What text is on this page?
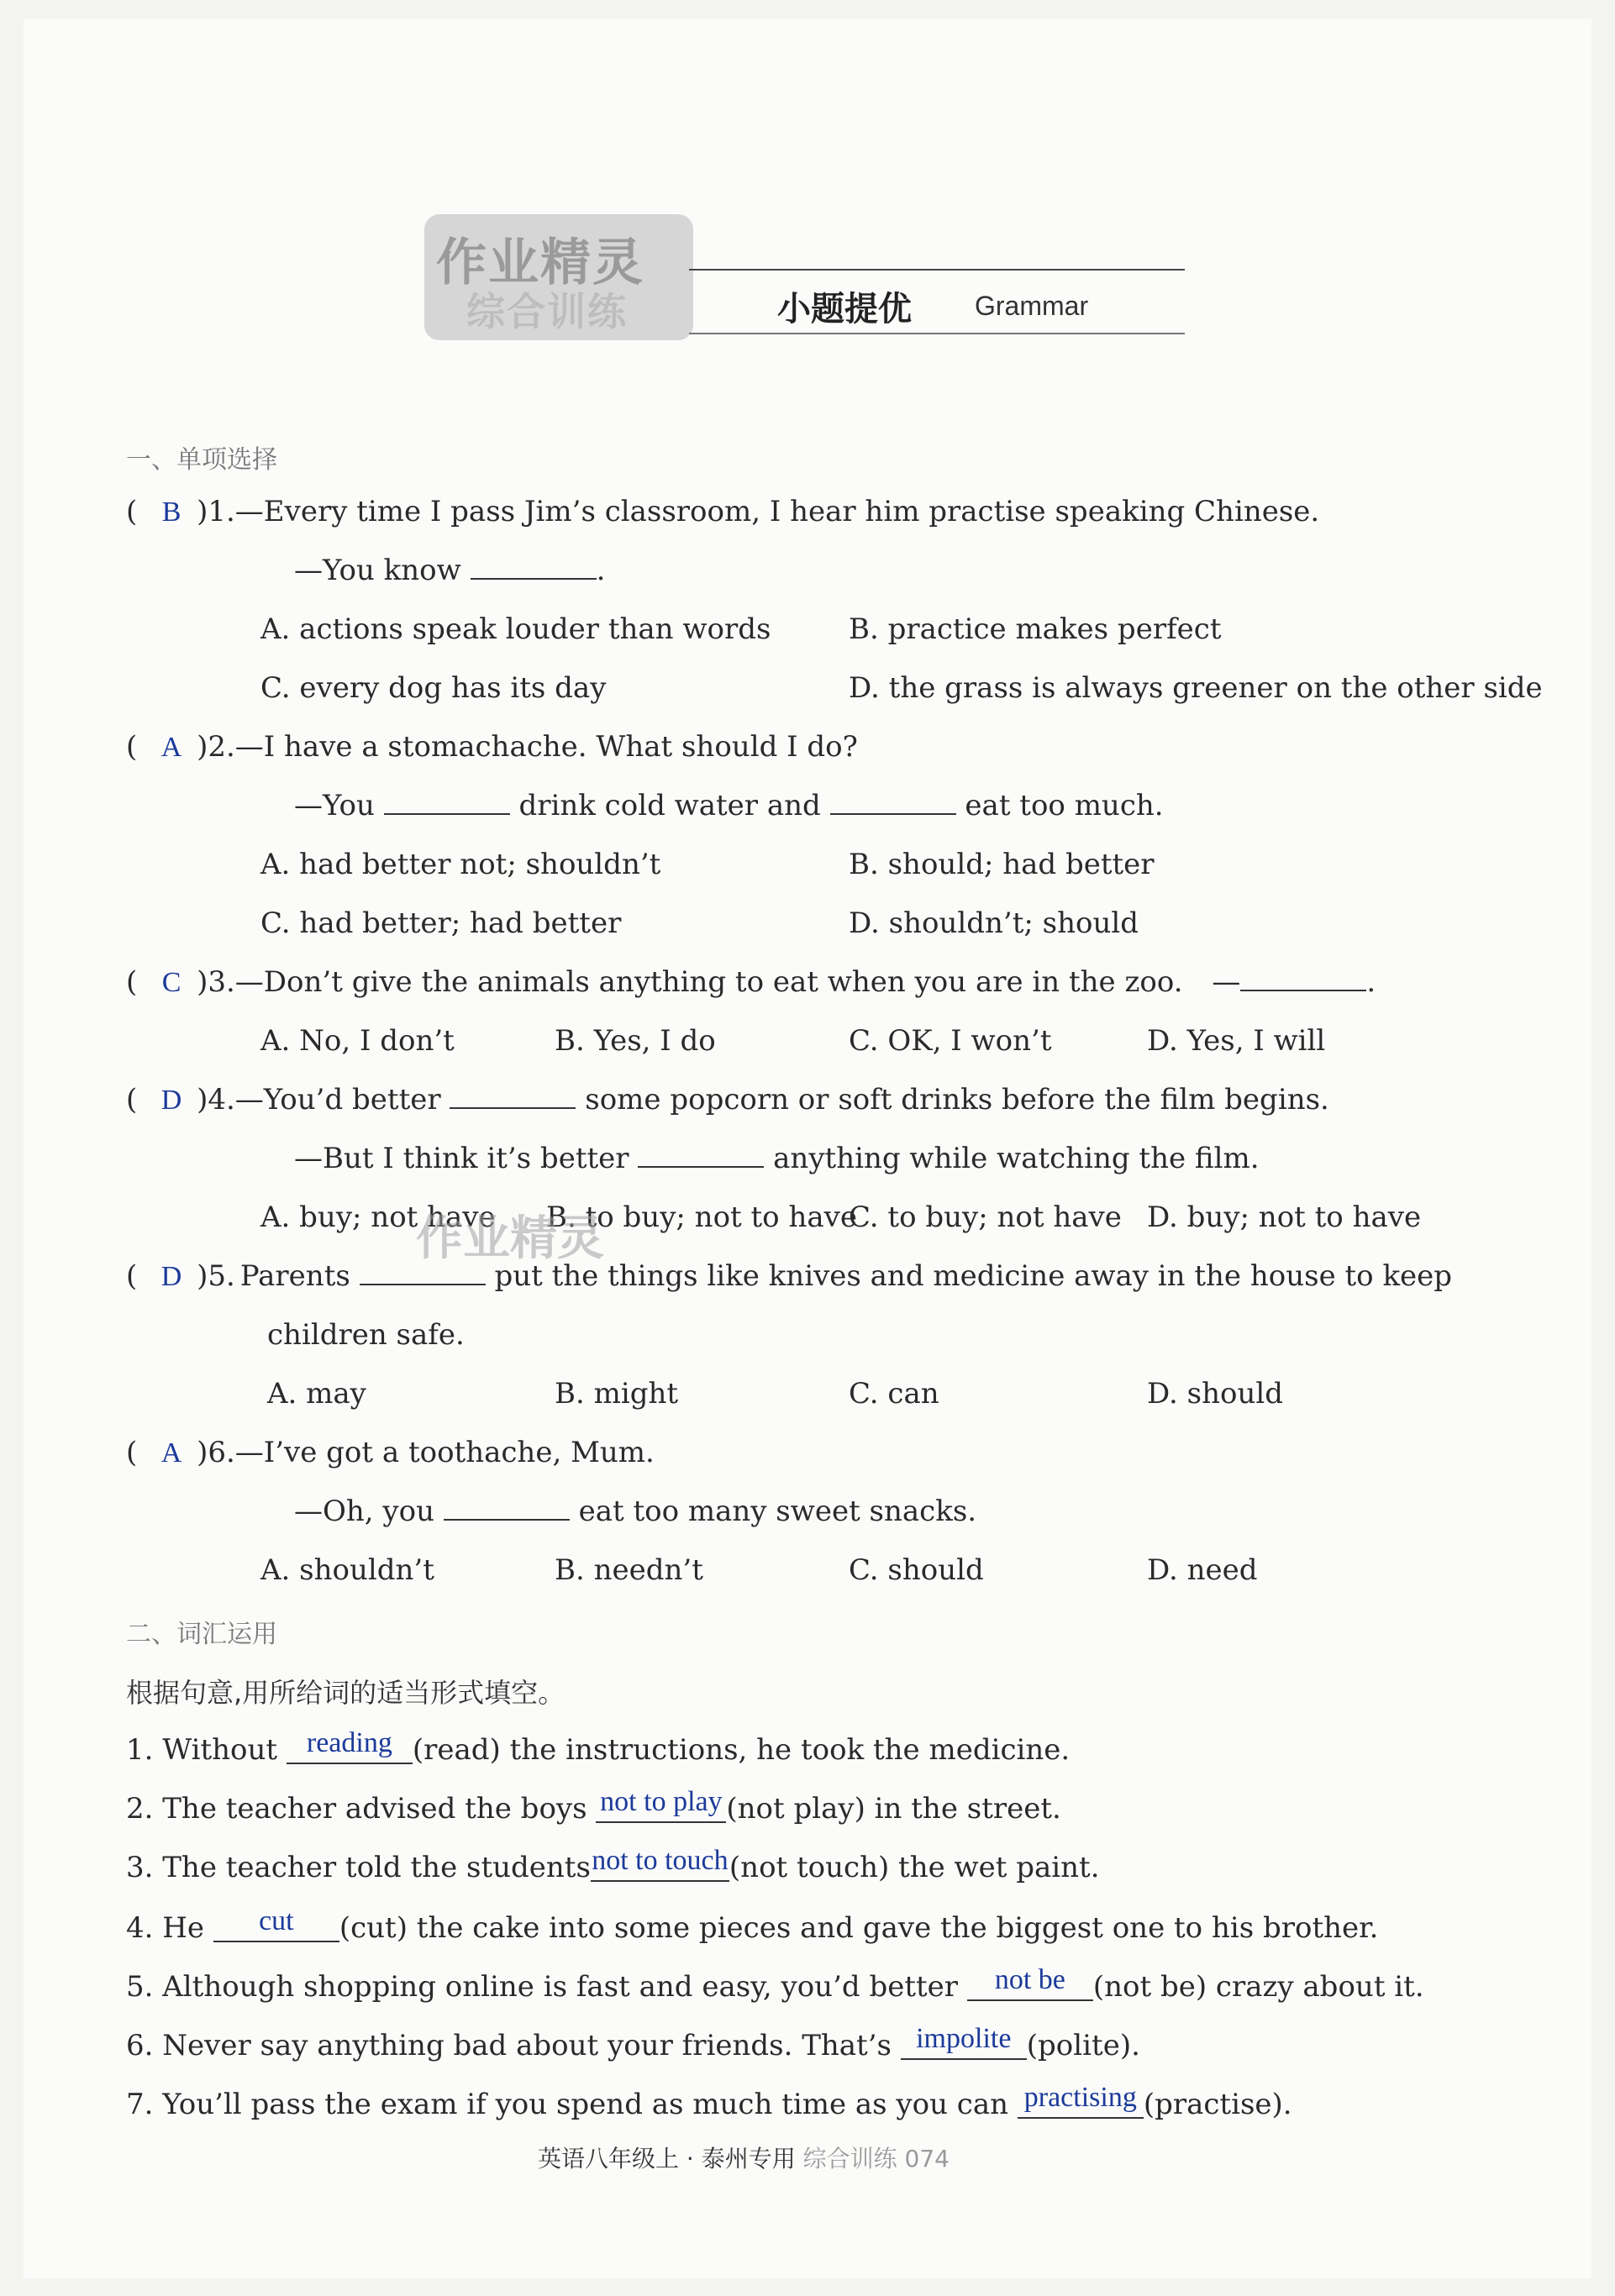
作业精灵
综合训练	小题提优 Grammar
一、单项选择
( B )1.—Every time I pass Jim’s classroom, I hear him practise speaking Chinese.
—You know	.
A. actions speak louder than words	B. practice makes perfect
C. every dog has its day	D. the grass is always greener on the other side
( A )2.—I have a stomachache. What should I do?
—You	drink cold water and	eat too much.
A. had better not; shouldn’t	B. should; had better
C. had better; had better	D. shouldn’t; should
( C )3.—Don’t give the animals anything to eat when you are in the zoo. —	.
A. No, I don’t	B. Yes, I do	C. OK, I won’t	D. Yes, I will
( D )4.—You’d better	some popcorn or soft drinks before the film begins.
—But I think it’s better	anything while watching the film.
A. buy; not have B. to buy; not to have
C. to buy; not have D. buy; not to have
作业精灵
( D )5. Parents	put the things like knives and medicine away in the house to keep
children safe.
A. may	B. might	C. can	D. should
( A )6.—I’ve got a toothache, Mum.
—Oh, you	eat too many sweet snacks.
A. shouldn’t	B. needn’t	C. should	D. need
二、词汇运用
根据句意,用所给词的适当形式填空。
1. Without	reading (read) the instructions, he took the medicine.
2. The teacher advised the boys not to play (not play) in the street.
3. The teacher told the students not to touch (not touch) the wet paint.
4. He	cut	(cut) the cake into some pieces and gave the biggest one to his brother.
5. Although shopping online is fast and easy, you’d better	not be (not be) crazy about it.
6. Never say anything bad about your friends. That’s impolite (polite).
7. You’ll pass the exam if you spend as much time as you can practising (practise).
英语八年级上 · 泰州专用 综合训练 074
